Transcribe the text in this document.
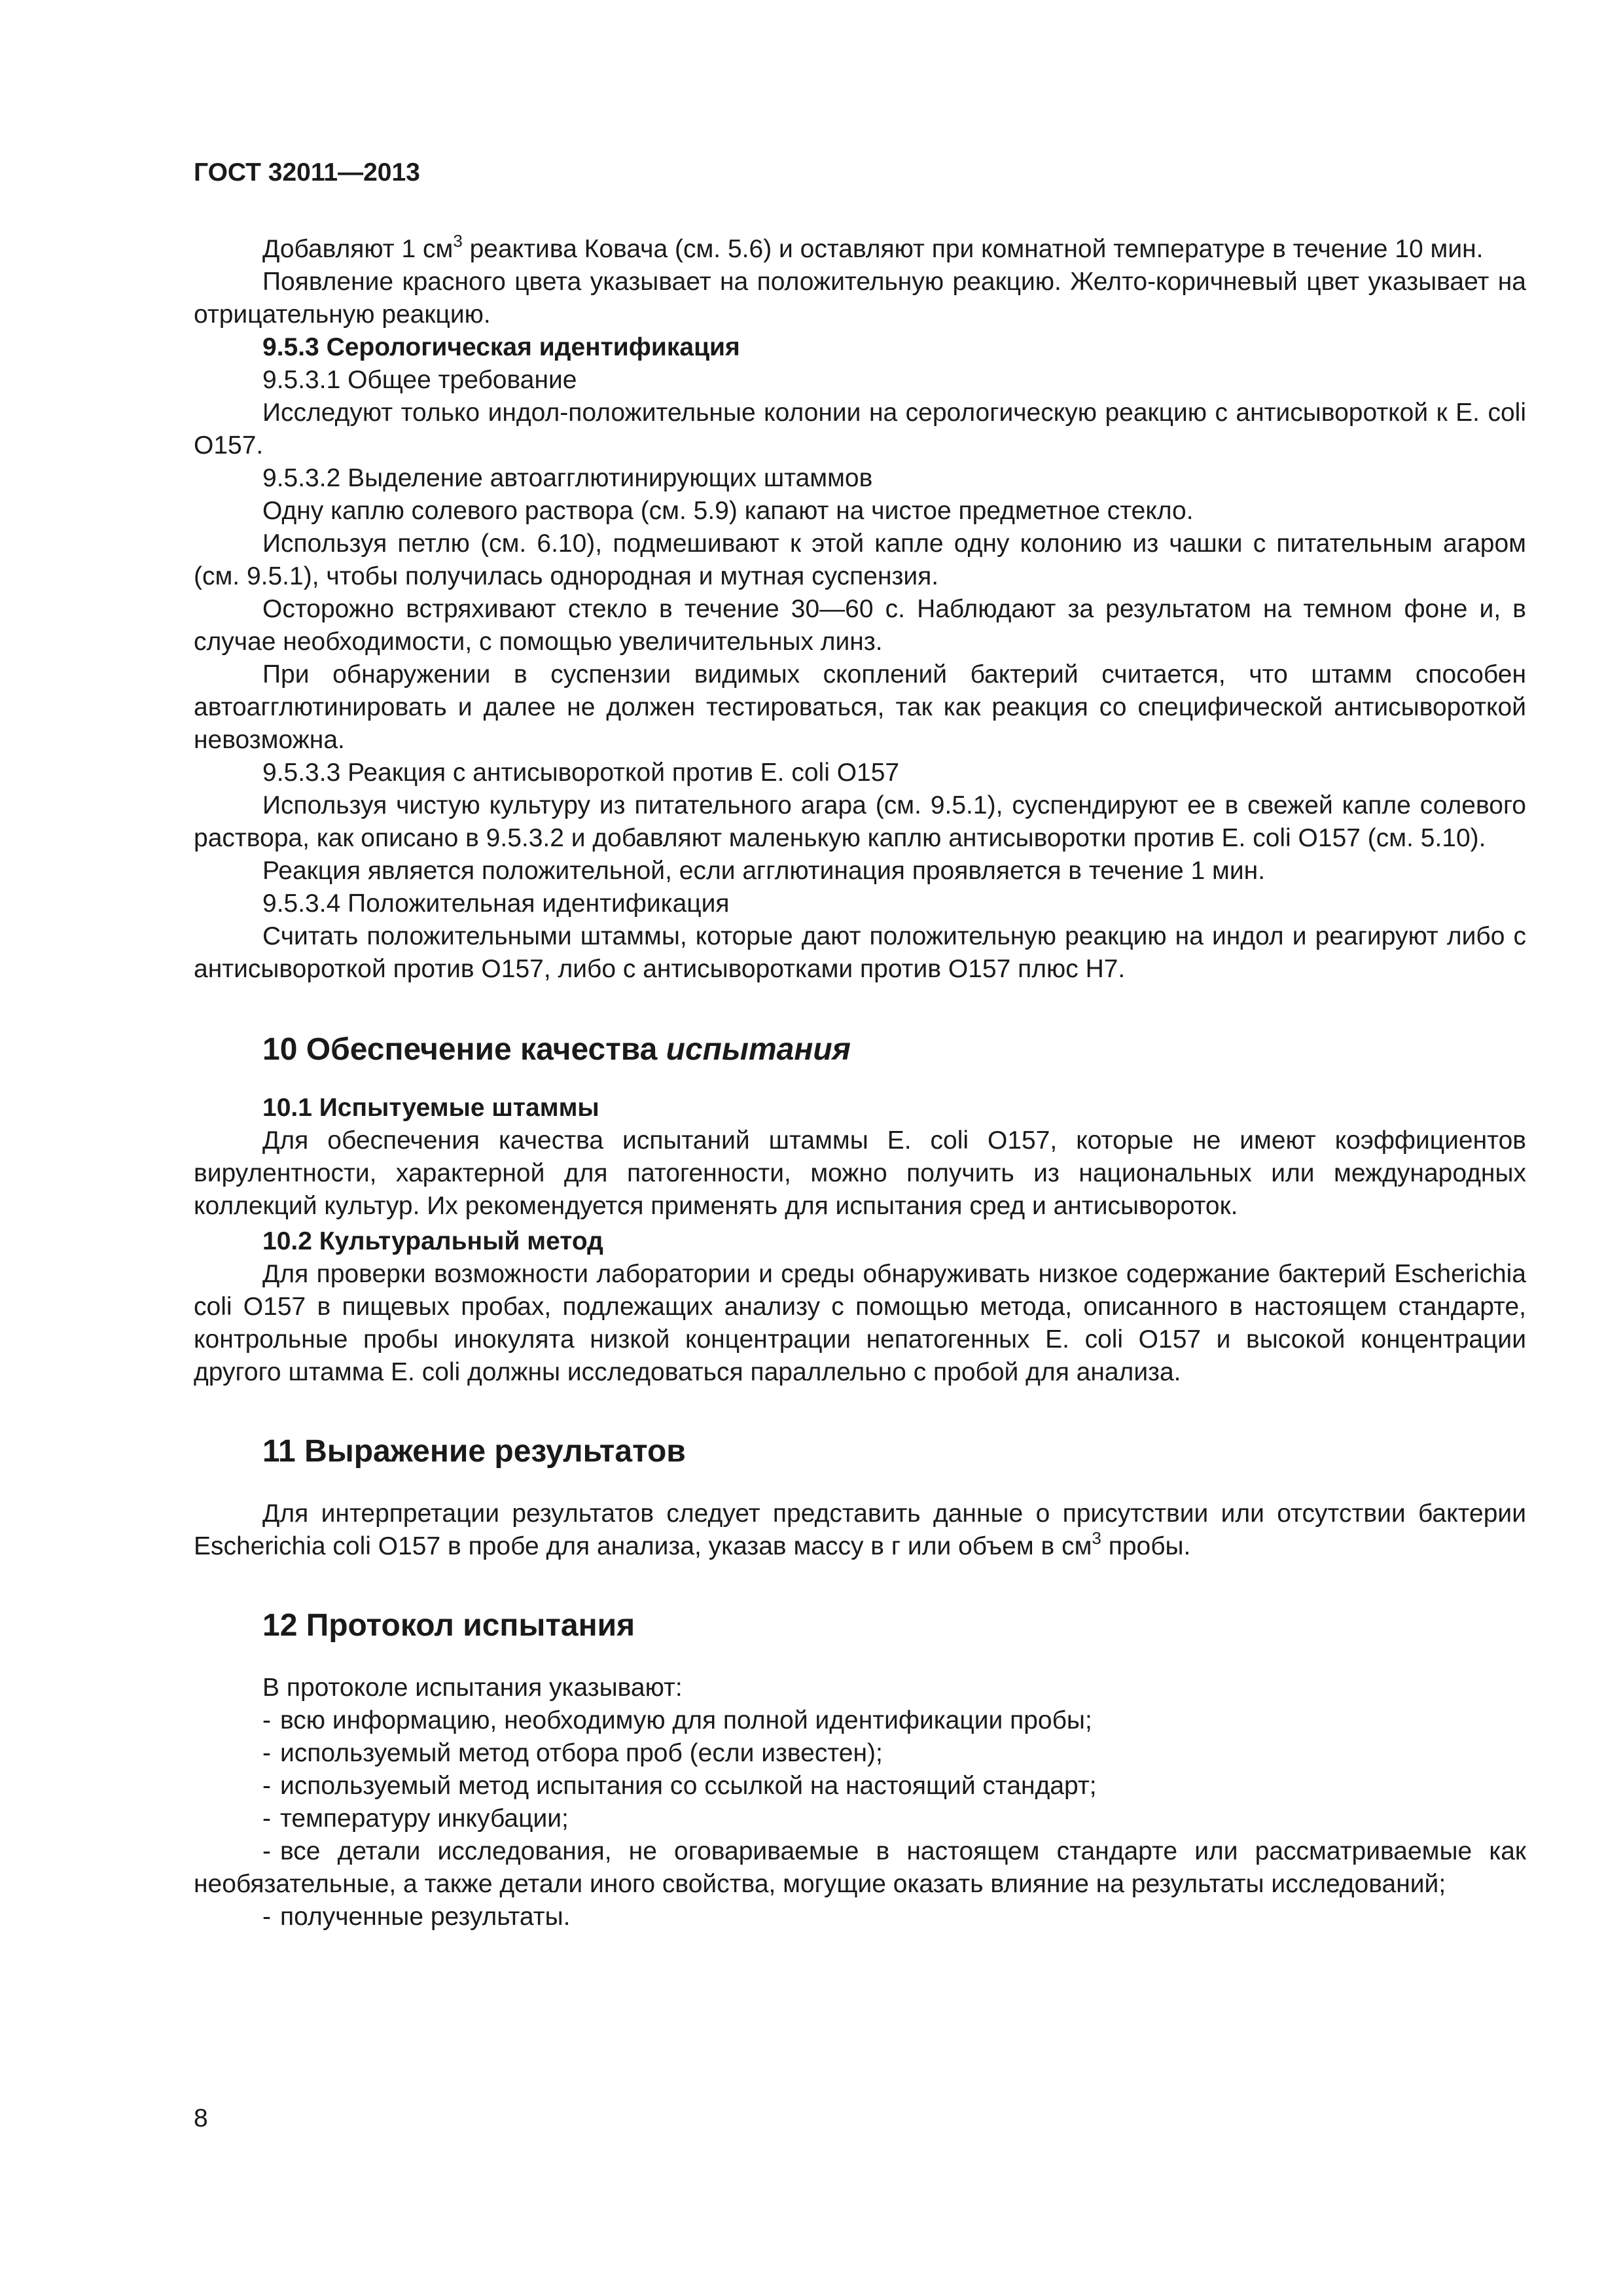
ГОСТ 32011—2013

Добавляют 1 $см^3$ реактива Ковача (см. 5.6) и оставляют при комнатной температуре в течение 10 мин.

Появление красного цвета указывает на положительную реакцию. Желто-коричневый цвет указывает на отрицательную реакцию.

9.5.3 Серологическая идентификация

9.5.3.1 Общее требование

Исследуют только индол-положительные колонии на серологическую реакцию с антисывороткой к E. coli O157.

9.5.3.2 Выделение автоагглютинирующих штаммов

Одну каплю солевого раствора (см. 5.9) капают на чистое предметное стекло.

Используя петлю (см. 6.10), подмешивают к этой капле одну колонию из чашки с питательным агаром (см. 9.5.1), чтобы получилась однородная и мутная суспензия.

Осторожно встряхивают стекло в течение 30—60 с. Наблюдают за результатом на темном фоне и, в случае необходимости, с помощью увеличительных линз.

При обнаружении в суспензии видимых скоплений бактерий считается, что штамм способен автоагглютинировать и далее не должен тестироваться, так как реакция со специфической антисывороткой невозможна.

9.5.3.3 Реакция с антисывороткой против E. coli O157

Используя чистую культуру из питательного агара (см. 9.5.1), суспендируют ее в свежей капле солевого раствора, как описано в 9.5.3.2 и добавляют маленькую каплю антисыворотки против E. coli O157 (см. 5.10).

Реакция является положительной, если агглютинация проявляется в течение 1 мин.

9.5.3.4 Положительная идентификация

Считать положительными штаммы, которые дают положительную реакцию на индол и реагируют либо с антисывороткой против O157, либо с антисыворотками против O157 плюс H7.

10 Обеспечение качества испытания

10.1 Испытуемые штаммы

Для обеспечения качества испытаний штаммы E. coli O157, которые не имеют коэффициентов вирулентности, характерной для патогенности, можно получить из национальных или международных коллекций культур. Их рекомендуется применять для испытания сред и антисывороток.

10.2 Культуральный метод

Для проверки возможности лаборатории и среды обнаруживать низкое содержание бактерий Escherichia coli O157 в пищевых пробах, подлежащих анализу с помощью метода, описанного в настоящем стандарте, контрольные пробы инокулята низкой концентрации непатогенных E. coli O157 и высокой концентрации другого штамма E. coli должны исследоваться параллельно с пробой для анализа.

11 Выражение результатов

Для интерпретации результатов следует представить данные о присутствии или отсутствии бактерии Escherichia coli O157 в пробе для анализа, указав массу в г или объем в $см^3$ пробы.

12 Протокол испытания

В протоколе испытания указывают:

- всю информацию, необходимую для полной идентификации пробы;
- используемый метод отбора проб (если известен);
- используемый метод испытания со ссылкой на настоящий стандарт;
- температуру инкубации;
- все детали исследования, не оговариваемые в настоящем стандарте или рассматриваемые как необязательные, а также детали иного свойства, могущие оказать влияние на результаты исследований;
- полученные результаты.

8
